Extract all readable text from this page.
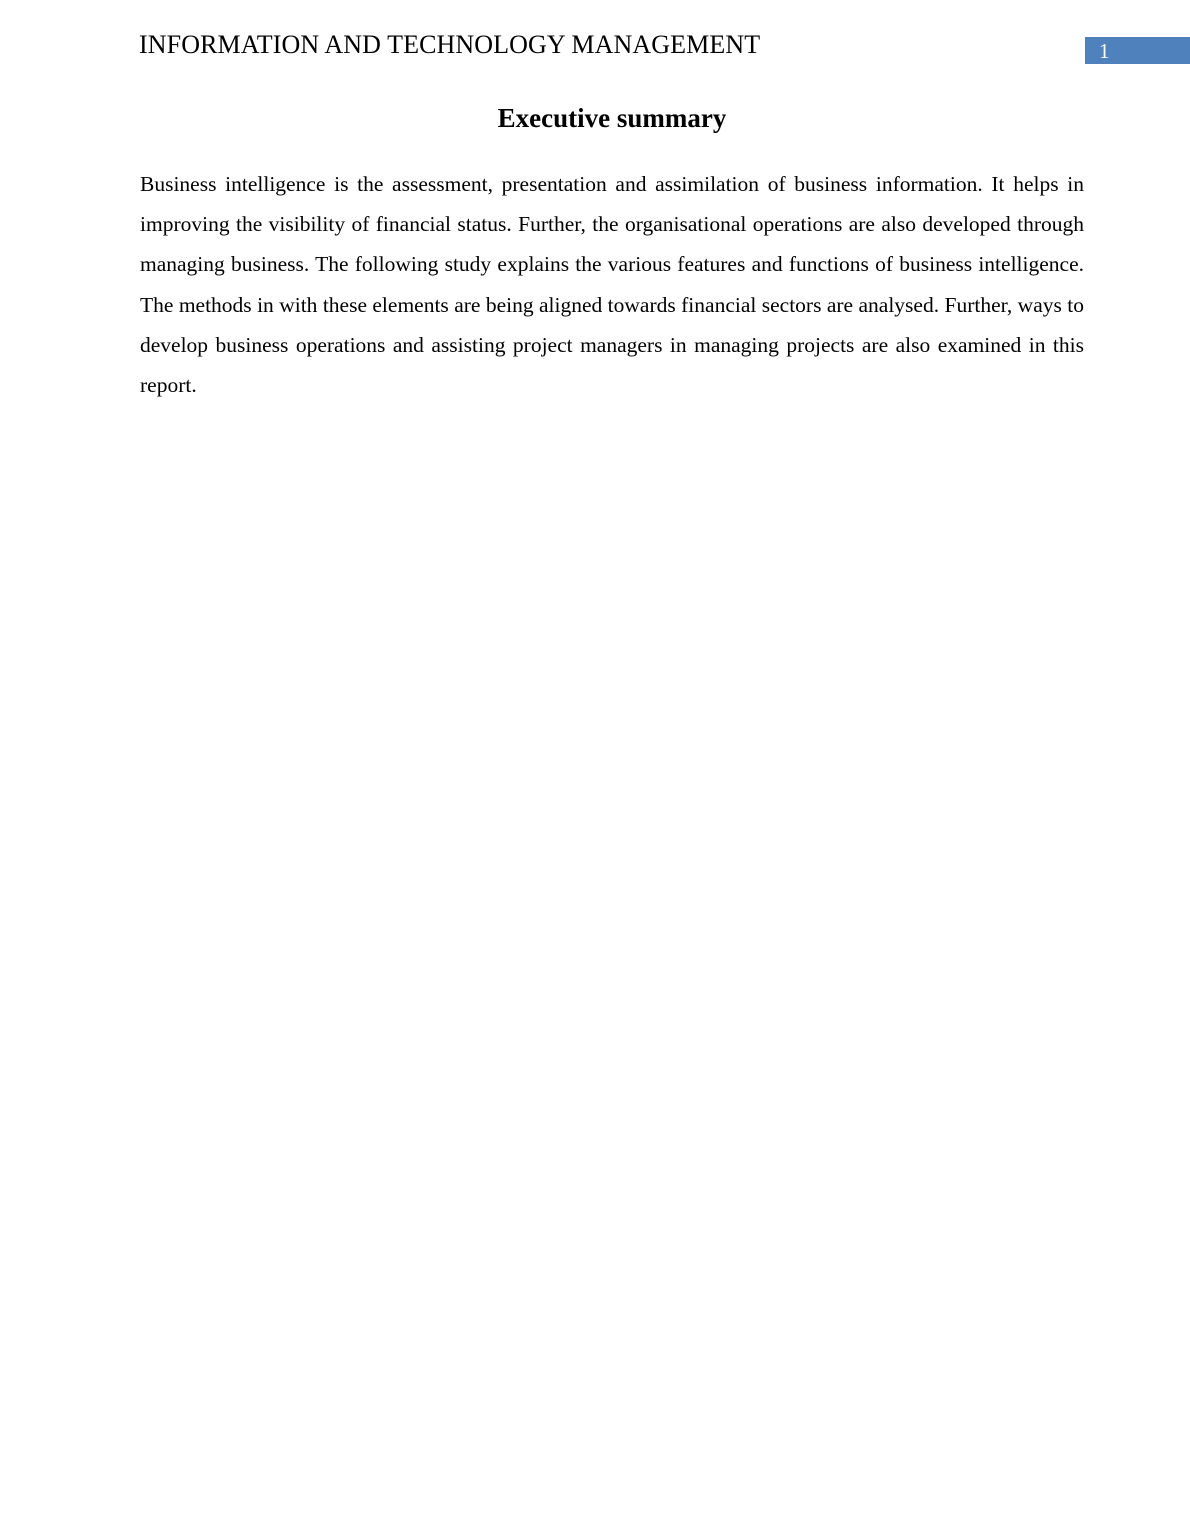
INFORMATION AND TECHNOLOGY MANAGEMENT	1
Executive summary

Business intelligence is the assessment, presentation and assimilation of business information. It helps in improving the visibility of financial status. Further, the organisational operations are also developed through managing business. The following study explains the various features and functions of business intelligence. The methods in with these elements are being aligned towards financial sectors are analysed. Further, ways to develop business operations and assisting project managers in managing projects are also examined in this report.
